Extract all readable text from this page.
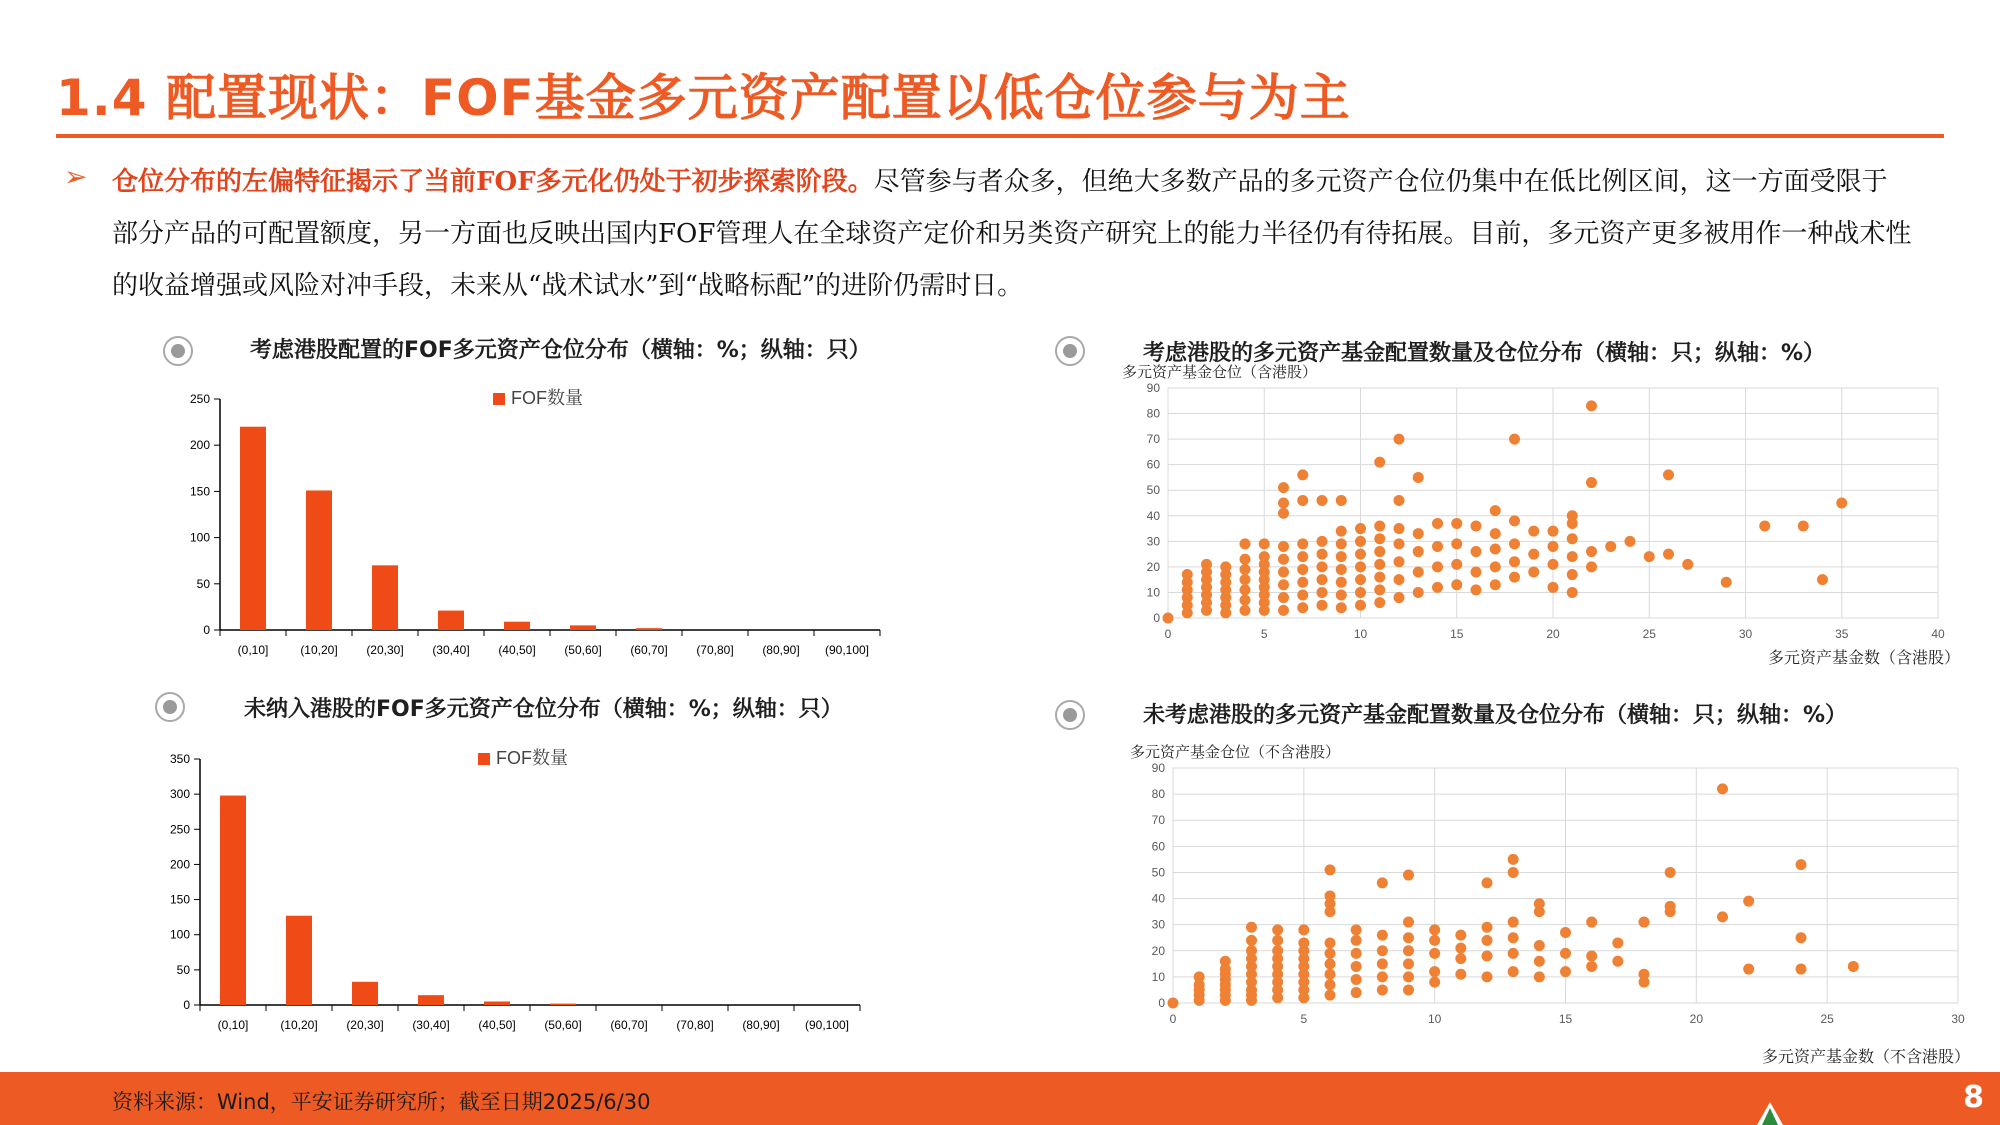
1.4 配置现状：FOF基金多元资产配置以低仓位参与为主
➢ 仓位分布的左偏特征揭示了当前FOF多元化仍处于初步探索阶段。尽管参与者众多，但绝大多数产品的多元资产仓位仍集中在低比例区间，这一方面受限于部分产品的可配置额度，另一方面也反映出国内FOF管理人在全球资产定价和另类资产研究上的能力半径仍有待拓展。目前，多元资产更多被用作一种战术性的收益增强或风险对冲手段，未来从“战术试水”到“战略标配”的进阶仍需时日。
考虑港股配置的FOF多元资产仓位分布（横轴：%；纵轴：只）
0
50
100
150
200
250
(0,10]	(10,20] (20,30] (30,40] (40,50] (50,60] (60,70] (70,80] (80,90] (90,100]
FOF数量
未纳入港股的FOF多元资产仓位分布（横轴：%；纵轴：只）
0
50
100
150
200
250
300
350
(0,10]	(10,20] (20,30] (30,40] (40,50] (50,60] (60,70] (70,80] (80,90] (90,100]
FOF数量
考虑港股的多元资产基金配置数量及仓位分布（横轴：只；纵轴：%）
0
10
20
30
40
50
60
70
80
90
0	5	10	15	20	25	30	35	40
多元资产基金仓位（含港股）
多元资产基金数（含港股）
未考虑港股的多元资产基金配置数量及仓位分布（横轴：只；纵轴：%）
0
10
20
30
40
50
60
70
80
90
0	5	10	15	20	25	30
多元资产基金仓位（不含港股）
多元资产基金数（不含港股）
资料来源：Wind，平安证券研究所；截至日期2025/6/30	8
